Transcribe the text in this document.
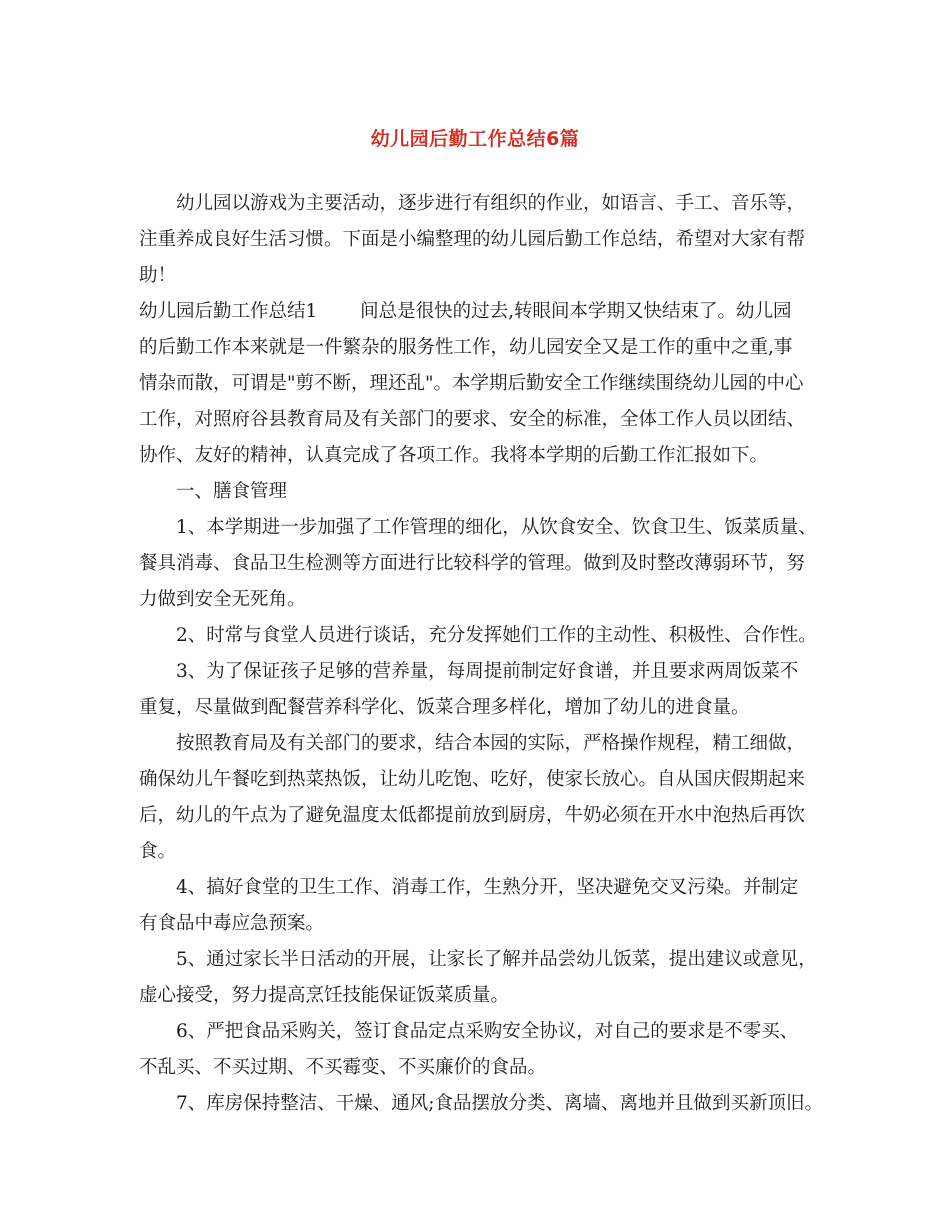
幼儿园后勤工作总结6篇
　　幼儿园以游戏为主要活动，逐步进行有组织的作业，如语言、手工、音乐等，
注重养成良好生活习惯。下面是小编整理的幼儿园后勤工作总结，希望对大家有帮
助！
幼儿园后勤工作总结1　　 间总是很快的过去,转眼间本学期又快结束了。幼儿园
的后勤工作本来就是一件繁杂的服务性工作，幼儿园安全又是工作的重中之重,事
情杂而散，可谓是"剪不断，理还乱"。本学期后勤安全工作继续围绕幼儿园的中心
工作，对照府谷县教育局及有关部门的要求、安全的标准，全体工作人员以团结、
协作、友好的精神，认真完成了各项工作。我将本学期的后勤工作汇报如下。
　　一、膳食管理
　　1、本学期进一步加强了工作管理的细化，从饮食安全、饮食卫生、饭菜质量、
餐具消毒、食品卫生检测等方面进行比较科学的管理。做到及时整改薄弱环节，努
力做到安全无死角。
　　2、时常与食堂人员进行谈话，充分发挥她们工作的主动性、积极性、合作性。
　　3、为了保证孩子足够的营养量，每周提前制定好食谱，并且要求两周饭菜不
重复，尽量做到配餐营养科学化、饭菜合理多样化，增加了幼儿的进食量。
　　按照教育局及有关部门的要求，结合本园的实际，严格操作规程，精工细做，
确保幼儿午餐吃到热菜热饭，让幼儿吃饱、吃好，使家长放心。自从国庆假期起来
后，幼儿的午点为了避免温度太低都提前放到厨房，牛奶必须在开水中泡热后再饮
食。
　　4、搞好食堂的卫生工作、消毒工作，生熟分开，坚决避免交叉污染。并制定
有食品中毒应急预案。
　　5、通过家长半日活动的开展，让家长了解并品尝幼儿饭菜，提出建议或意见，
虚心接受，努力提高烹饪技能保证饭菜质量。
　　6、严把食品采购关，签订食品定点采购安全协议，对自己的要求是不零买、
不乱买、不买过期、不买霉变、不买廉价的食品。
　　7、库房保持整洁、干燥、通风;食品摆放分类、离墙、离地并且做到买新顶旧。
